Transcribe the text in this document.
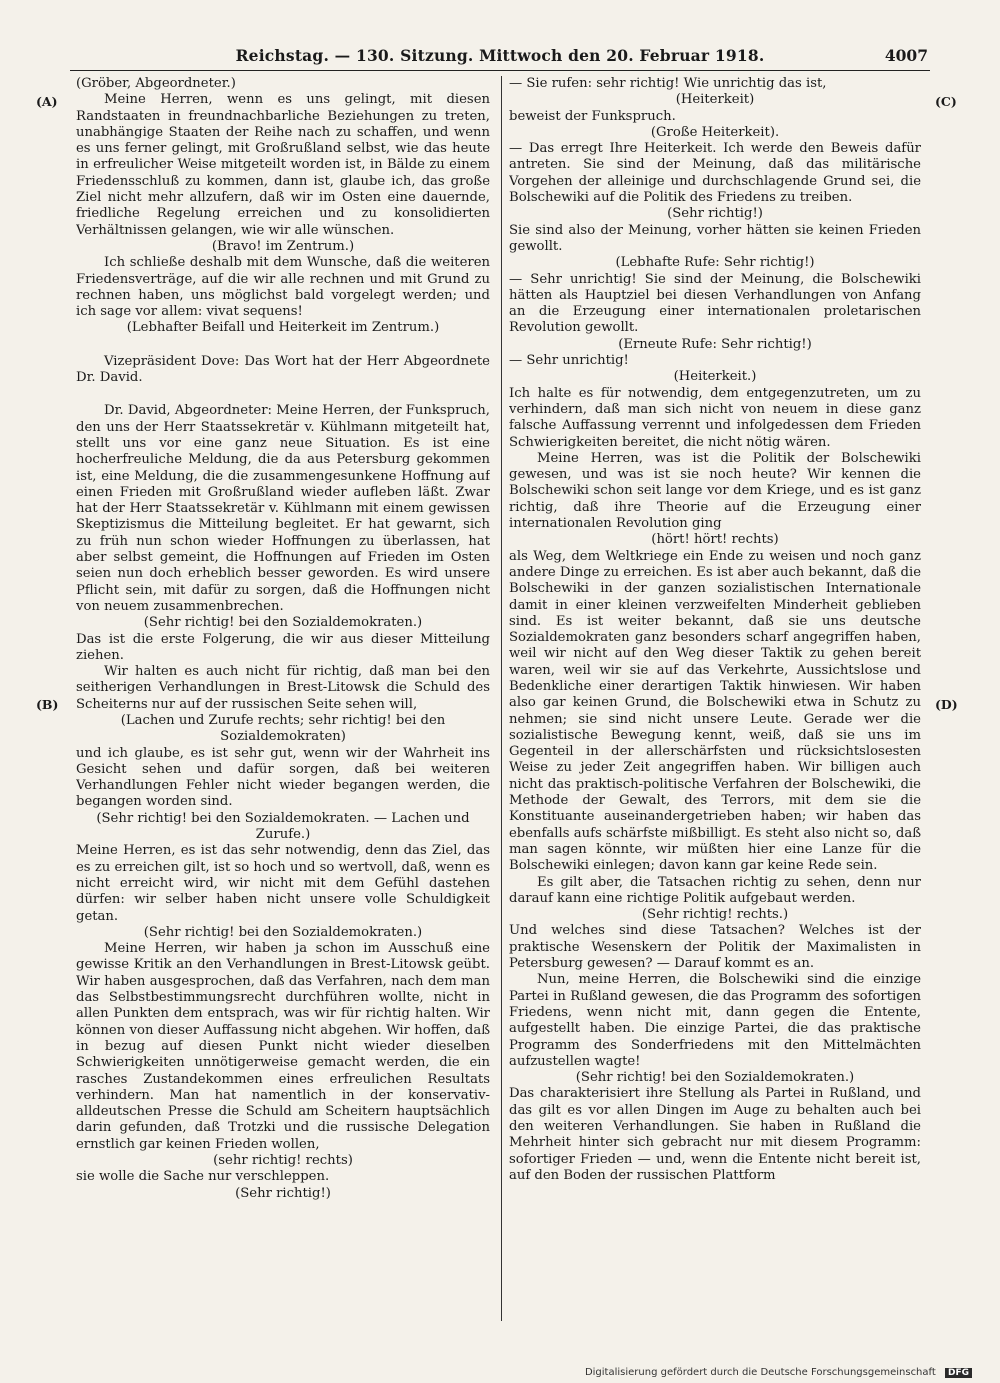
Reichstag. — 130. Sitzung. Mittwoch den 20. Februar 1918.	4007
(A)
(B)
(C)
(D)

(Gröber, Abgeordneter.)

Meine Herren, wenn es uns gelingt, mit diesen Randstaaten in freundnachbarliche Beziehungen zu treten, unabhängige Staaten der Reihe nach zu schaffen, und wenn es uns ferner gelingt, mit Großrußland selbst, wie das heute in erfreulicher Weise mitgeteilt worden ist, in Bälde zu einem Friedensschluß zu kommen, dann ist, glaube ich, das große Ziel nicht mehr allzufern, daß wir im Osten eine dauernde, friedliche Regelung erreichen und zu konsolidierten Verhältnissen gelangen, wie wir alle wünschen.

(Bravo! im Zentrum.)

Ich schließe deshalb mit dem Wunsche, daß die weiteren Friedensverträge, auf die wir alle rechnen und mit Grund zu rechnen haben, uns möglichst bald vorgelegt werden; und ich sage vor allem: vivat sequens!

(Lebhafter Beifall und Heiterkeit im Zentrum.)

Vizepräsident Dove: Das Wort hat der Herr Abgeordnete Dr. David.

Dr. David, Abgeordneter: Meine Herren, der Funkspruch, den uns der Herr Staatssekretär v. Kühlmann mitgeteilt hat, stellt uns vor eine ganz neue Situation. Es ist eine hocherfreuliche Meldung, die da aus Petersburg gekommen ist, eine Meldung, die die zusammengesunkene Hoffnung auf einen Frieden mit Großrußland wieder aufleben läßt. Zwar hat der Herr Staatssekretär v. Kühlmann mit einem gewissen Skeptizismus die Mitteilung begleitet. Er hat gewarnt, sich zu früh nun schon wieder Hoffnungen zu überlassen, hat aber selbst gemeint, die Hoffnungen auf Frieden im Osten seien nun doch erheblich besser geworden. Es wird unsere Pflicht sein, mit dafür zu sorgen, daß die Hoffnungen nicht von neuem zusammenbrechen.

(Sehr richtig! bei den Sozialdemokraten.)

Das ist die erste Folgerung, die wir aus dieser Mitteilung ziehen.

Wir halten es auch nicht für richtig, daß man bei den seitherigen Verhandlungen in Brest-Litowsk die Schuld des Scheiterns nur auf der russischen Seite sehen will,

(Lachen und Zurufe rechts; sehr richtig! bei den Sozialdemokraten)

und ich glaube, es ist sehr gut, wenn wir der Wahrheit ins Gesicht sehen und dafür sorgen, daß bei weiteren Verhandlungen Fehler nicht wieder begangen werden, die begangen worden sind.

(Sehr richtig! bei den Sozialdemokraten. — Lachen und Zurufe.)

Meine Herren, es ist das sehr notwendig, denn das Ziel, das es zu erreichen gilt, ist so hoch und so wertvoll, daß, wenn es nicht erreicht wird, wir nicht mit dem Gefühl dastehen dürfen: wir selber haben nicht unsere volle Schuldigkeit getan.

(Sehr richtig! bei den Sozialdemokraten.)

Meine Herren, wir haben ja schon im Ausschuß eine gewisse Kritik an den Verhandlungen in Brest-Litowsk geübt. Wir haben ausgesprochen, daß das Verfahren, nach dem man das Selbstbestimmungsrecht durchführen wollte, nicht in allen Punkten dem entsprach, was wir für richtig halten. Wir können von dieser Auffassung nicht abgehen. Wir hoffen, daß in bezug auf diesen Punkt nicht wieder dieselben Schwierigkeiten unnötigerweise gemacht werden, die ein rasches Zustandekommen eines erfreulichen Resultats verhindern. Man hat namentlich in der konservativ-alldeutschen Presse die Schuld am Scheitern hauptsächlich darin gefunden, daß Trotzki und die russische Delegation ernstlich gar keinen Frieden wollen,

(sehr richtig! rechts)

sie wolle die Sache nur verschleppen.

(Sehr richtig!)

— Sie rufen: sehr richtig! Wie unrichtig das ist,

(Heiterkeit)

beweist der Funkspruch.

(Große Heiterkeit).

— Das erregt Ihre Heiterkeit. Ich werde den Beweis dafür antreten. Sie sind der Meinung, daß das militärische Vorgehen der alleinige und durchschlagende Grund sei, die Bolschewiki auf die Politik des Friedens zu treiben.

(Sehr richtig!)

Sie sind also der Meinung, vorher hätten sie keinen Frieden gewollt.

(Lebhafte Rufe: Sehr richtig!)

— Sehr unrichtig! Sie sind der Meinung, die Bolschewiki hätten als Hauptziel bei diesen Verhandlungen von Anfang an die Erzeugung einer internationalen proletarischen Revolution gewollt.

(Erneute Rufe: Sehr richtig!)

— Sehr unrichtig!

(Heiterkeit.)

Ich halte es für notwendig, dem entgegenzutreten, um zu verhindern, daß man sich nicht von neuem in diese ganz falsche Auffassung verrennt und infolgedessen dem Frieden Schwierigkeiten bereitet, die nicht nötig wären.

Meine Herren, was ist die Politik der Bolschewiki gewesen, und was ist sie noch heute? Wir kennen die Bolschewiki schon seit lange vor dem Kriege, und es ist ganz richtig, daß ihre Theorie auf die Erzeugung einer internationalen Revolution ging

(hört! hört! rechts)

als Weg, dem Weltkriege ein Ende zu weisen und noch ganz andere Dinge zu erreichen. Es ist aber auch bekannt, daß die Bolschewiki in der ganzen sozialistischen Internationale damit in einer kleinen verzweifelten Minderheit geblieben sind. Es ist weiter bekannt, daß sie uns deutsche Sozialdemokraten ganz besonders scharf angegriffen haben, weil wir nicht auf den Weg dieser Taktik zu gehen bereit waren, weil wir sie auf das Verkehrte, Aussichtslose und Bedenkliche einer derartigen Taktik hinwiesen. Wir haben also gar keinen Grund, die Bolschewiki etwa in Schutz zu nehmen; sie sind nicht unsere Leute. Gerade wer die sozialistische Bewegung kennt, weiß, daß sie uns im Gegenteil in der allerschärfsten und rücksichtslosesten Weise zu jeder Zeit angegriffen haben. Wir billigen auch nicht das praktisch-politische Verfahren der Bolschewiki, die Methode der Gewalt, des Terrors, mit dem sie die Konstituante auseinandergetrieben haben; wir haben das ebenfalls aufs schärfste mißbilligt. Es steht also nicht so, daß man sagen könnte, wir müßten hier eine Lanze für die Bolschewiki einlegen; davon kann gar keine Rede sein.

Es gilt aber, die Tatsachen richtig zu sehen, denn nur darauf kann eine richtige Politik aufgebaut werden.

(Sehr richtig! rechts.)

Und welches sind diese Tatsachen? Welches ist der praktische Wesenskern der Politik der Maximalisten in Petersburg gewesen? — Darauf kommt es an.

Nun, meine Herren, die Bolschewiki sind die einzige Partei in Rußland gewesen, die das Programm des sofortigen Friedens, wenn nicht mit, dann gegen die Entente, aufgestellt haben. Die einzige Partei, die das praktische Programm des Sonderfriedens mit den Mittelmächten aufzustellen wagte!

(Sehr richtig! bei den Sozialdemokraten.)

Das charakterisiert ihre Stellung als Partei in Rußland, und das gilt es vor allen Dingen im Auge zu behalten auch bei den weiteren Verhandlungen. Sie haben in Rußland die Mehrheit hinter sich gebracht nur mit diesem Programm: sofortiger Frieden — und, wenn die Entente nicht bereit ist, auf den Boden der russischen Plattform

Digitalisierung gefördert durch die Deutsche Forschungsgemeinschaft DFG
